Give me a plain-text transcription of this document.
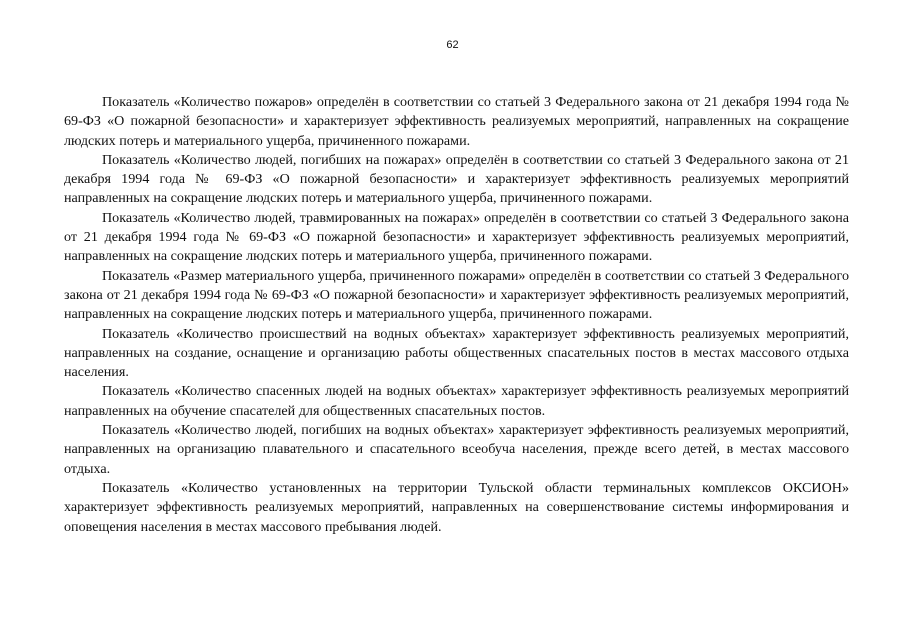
62

Показатель «Количество пожаров» определён в соответствии со статьей 3 Федерального закона от 21 декабря 1994 года № 69-ФЗ «О пожарной безопасности» и характеризует эффективность реализуемых мероприятий, направленных на сокращение людских потерь и материального ущерба, причиненного пожарами.

Показатель «Количество людей, погибших на пожарах» определён в соответствии со статьей 3 Федерального закона от 21 декабря 1994 года № 69-ФЗ «О пожарной безопасности» и характеризует эффективность реализуемых мероприятий направленных на сокращение людских потерь и материального ущерба, причиненного пожарами.

Показатель «Количество людей, травмированных на пожарах» определён в соответствии со статьей 3 Федерального закона от 21 декабря 1994 года № 69-ФЗ «О пожарной безопасности» и характеризует эффективность реализуемых мероприятий, направленных на сокращение людских потерь и материального ущерба, причиненного пожарами.

Показатель «Размер материального ущерба, причиненного пожарами» определён в соответствии со статьей 3 Федерального закона от 21 декабря 1994 года № 69-ФЗ «О пожарной безопасности» и характеризует эффективность реализуемых мероприятий, направленных на сокращение людских потерь и материального ущерба, причиненного пожарами.

Показатель «Количество происшествий на водных объектах» характеризует эффективность реализуемых мероприятий, направленных на создание, оснащение и организацию работы общественных спасательных постов в местах массового отдыха населения.

Показатель «Количество спасенных людей на водных объектах» характеризует эффективность реализуемых мероприятий направленных на обучение спасателей для общественных спасательных постов.

Показатель «Количество людей, погибших на водных объектах» характеризует эффективность реализуемых мероприятий, направленных на организацию плавательного и спасательного всеобуча населения, прежде всего детей, в местах массового отдыха.

Показатель «Количество установленных на территории Тульской области терминальных комплексов ОКСИОН» характеризует эффективность реализуемых мероприятий, направленных на совершенствование системы информирования и оповещения населения в местах массового пребывания людей.
